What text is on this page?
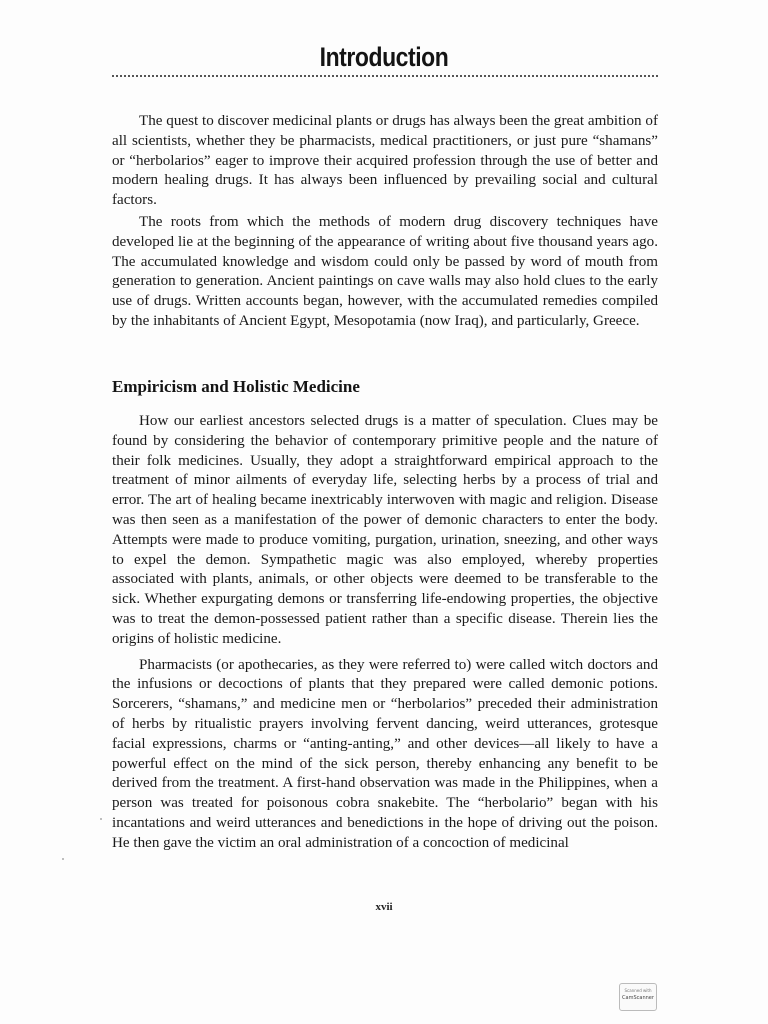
Introduction

The quest to discover medicinal plants or drugs has always been the great ambition of all scientists, whether they be pharmacists, medical practitioners, or just pure “shamans” or “herbolarios” eager to improve their acquired profession through the use of better and modern healing drugs. It has always been influenced by prevailing social and cultural factors.

The roots from which the methods of modern drug discovery techniques have developed lie at the beginning of the appearance of writing about five thousand years ago. The accumulated knowledge and wisdom could only be passed by word of mouth from generation to generation. Ancient paintings on cave walls may also hold clues to the early use of drugs. Written accounts began, however, with the accumulated remedies compiled by the inhabitants of Ancient Egypt, Mesopotamia (now Iraq), and particularly, Greece.

Empiricism and Holistic Medicine

How our earliest ancestors selected drugs is a matter of speculation. Clues may be found by considering the behavior of contemporary primitive people and the nature of their folk medicines. Usually, they adopt a straightforward empirical approach to the treatment of minor ailments of everyday life, selecting herbs by a process of trial and error. The art of healing became inextricably interwoven with magic and religion. Disease was then seen as a manifestation of the power of demonic characters to enter the body. Attempts were made to produce vomiting, purgation, urination, sneezing, and other ways to expel the demon. Sympathetic magic was also employed, whereby properties associated with plants, animals, or other objects were deemed to be transferable to the sick. Whether expurgating demons or transferring life-endowing properties, the objective was to treat the demon-possessed patient rather than a specific disease. Therein lies the origins of holistic medicine.

Pharmacists (or apothecaries, as they were referred to) were called witch doctors and the infusions or decoctions of plants that they prepared were called demonic potions. Sorcerers, “shamans,” and medicine men or “herbolarios” preceded their administration of herbs by ritualistic prayers involving fervent dancing, weird utterances, grotesque facial expressions, charms or “anting-anting,” and other devices—all likely to have a powerful effect on the mind of the sick person, thereby enhancing any benefit to be derived from the treatment. A first-hand observation was made in the Philippines, when a person was treated for poisonous cobra snakebite. The “herbolario” began with his incantations and weird utterances and benedictions in the hope of driving out the poison. He then gave the victim an oral administration of a concoction of medicinal

xvii
Scanned with
CamScanner
